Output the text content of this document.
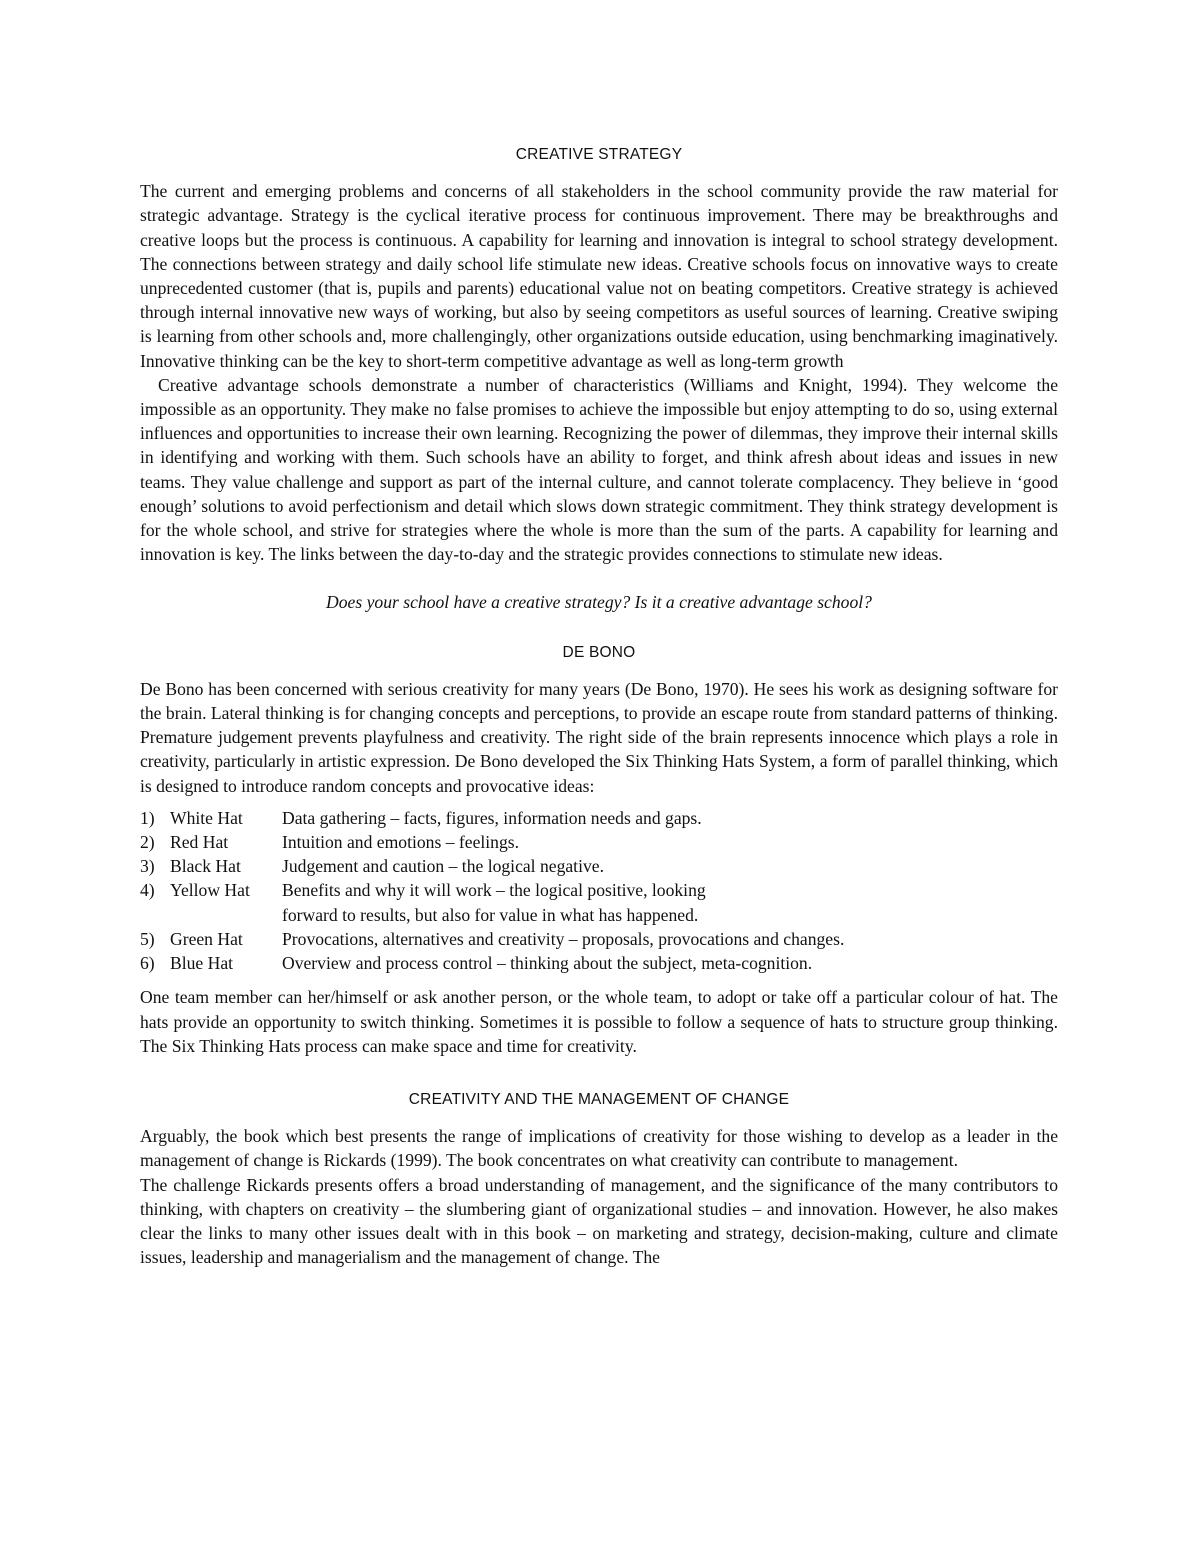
CREATIVE STRATEGY

The current and emerging problems and concerns of all stakeholders in the school community provide the raw material for strategic advantage. Strategy is the cyclical iterative process for continuous improvement. There may be breakthroughs and creative loops but the process is continuous. A capability for learning and innovation is integral to school strategy development. The connections between strategy and daily school life stimulate new ideas. Creative schools focus on innovative ways to create unprecedented customer (that is, pupils and parents) educational value not on beating competitors. Creative strategy is achieved through internal innovative new ways of working, but also by seeing competitors as useful sources of learning. Creative swiping is learning from other schools and, more challengingly, other organizations outside education, using benchmarking imaginatively. Innovative thinking can be the key to short-term competitive advantage as well as long-term growth

Creative advantage schools demonstrate a number of characteristics (Williams and Knight, 1994). They welcome the impossible as an opportunity. They make no false promises to achieve the impossible but enjoy attempting to do so, using external influences and opportunities to increase their own learning. Recognizing the power of dilemmas, they improve their internal skills in identifying and working with them. Such schools have an ability to forget, and think afresh about ideas and issues in new teams. They value challenge and support as part of the internal culture, and cannot tolerate complacency. They believe in ‘good enough’ solutions to avoid perfectionism and detail which slows down strategic commitment. They think strategy development is for the whole school, and strive for strategies where the whole is more than the sum of the parts. A capability for learning and innovation is key. The links between the day-to-day and the strategic provides connections to stimulate new ideas.

Does your school have a creative strategy? Is it a creative advantage school?

DE BONO

De Bono has been concerned with serious creativity for many years (De Bono, 1970). He sees his work as designing software for the brain. Lateral thinking is for changing concepts and perceptions, to provide an escape route from standard patterns of thinking. Premature judgement prevents playfulness and creativity. The right side of the brain represents innocence which plays a role in creativity, particularly in artistic expression. De Bono developed the Six Thinking Hats System, a form of parallel thinking, which is designed to introduce random concepts and provocative ideas:

1) White Hat	Data gathering – facts, figures, information needs and gaps.
2) Red Hat	Intuition and emotions – feelings.
3) Black Hat	Judgement and caution – the logical negative.
4) Yellow Hat	Benefits and why it will work – the logical positive, looking forward to results, but also for value in what has happened.
5) Green Hat	Provocations, alternatives and creativity – proposals, provocations and changes.
6) Blue Hat	Overview and process control – thinking about the subject, meta-cognition.

One team member can her/himself or ask another person, or the whole team, to adopt or take off a particular colour of hat. The hats provide an opportunity to switch thinking. Sometimes it is possible to follow a sequence of hats to structure group thinking. The Six Thinking Hats process can make space and time for creativity.

CREATIVITY AND THE MANAGEMENT OF CHANGE

Arguably, the book which best presents the range of implications of creativity for those wishing to develop as a leader in the management of change is Rickards (1999). The book concentrates on what creativity can contribute to management.

The challenge Rickards presents offers a broad understanding of management, and the significance of the many contributors to thinking, with chapters on creativity – the slumbering giant of organizational studies – and innovation. However, he also makes clear the links to many other issues dealt with in this book – on marketing and strategy, decision-making, culture and climate issues, leadership and managerialism and the management of change. The
